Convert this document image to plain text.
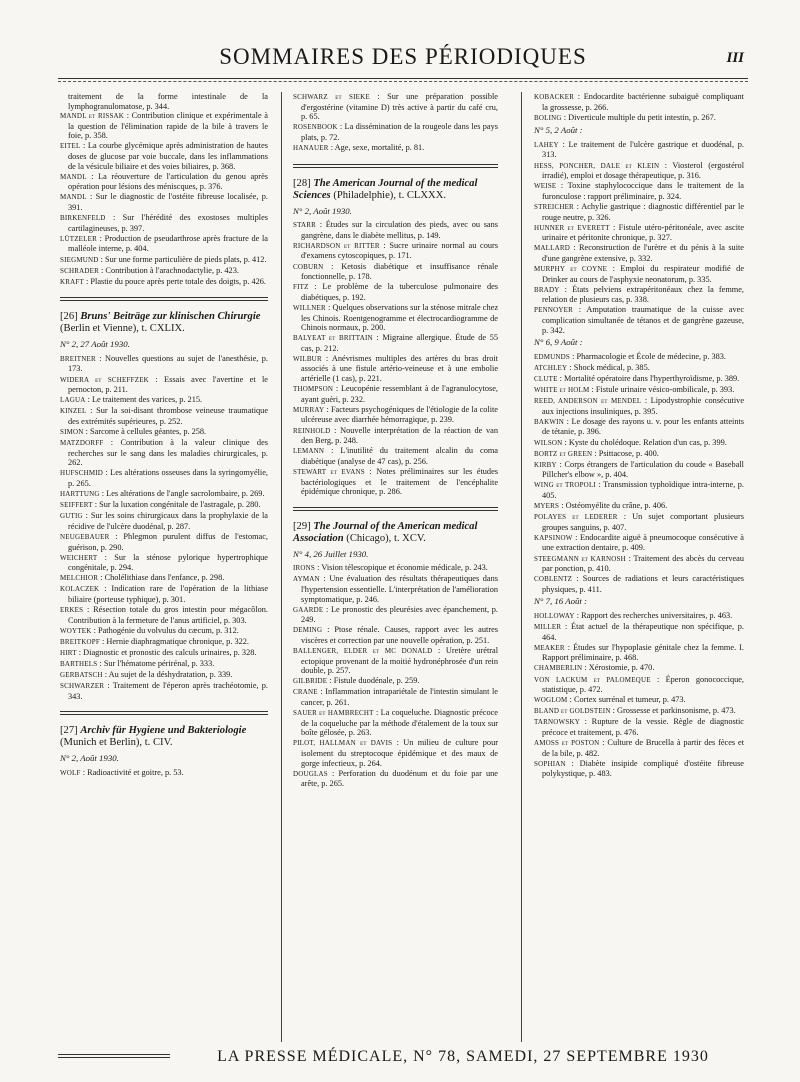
SOMMAIRES DES PÉRIODIQUES	III

traitement de la forme intestinale de la lymphogranulomatose, p. 344.

MANDL et RISSAK : Contribution clinique et expérimentale à la question de l'élimination rapide de la bile à travers le foie, p. 358.

EITEL : La courbe glycémique après administration de hautes doses de glucose par voie buccale, dans les inflammations de la vésicule biliaire et des voies biliaires, p. 368.

MANDL : La réouverture de l'articulation du genou après opération pour lésions des méniscques, p. 376.

MANDL : Sur le diagnostic de l'ostéite fibreuse localisée, p. 391.

BIRKENFELD : Sur l'hérédité des exostoses multiples cartilagineuses, p. 397.

LÜTZELER : Production de pseudarthrose après fracture de la malléole interne, p. 404.

SIEGMUND : Sur une forme particulière de pieds plats, p. 412.

SCHRADER : Contribution à l'arachnodactylie, p. 423.

KRAFT : Plastie du pouce après perte totale des doigts, p. 426.

[26] Bruns' Beiträge zur klinischen Chirurgie (Berlin et Vienne), t. CXLIX.
N° 2, 27 Août 1930.

BREITNER : Nouvelles questions au sujet de l'anesthésie, p. 173.

WIDERA et SCHEFFZEK : Essais avec l'avertine et le pernocton, p. 211.

LAGUA : Le traitement des varices, p. 215.

KINZEL : Sur la soi-disant thrombose veineuse traumatique des extrémités supérieures, p. 252.

SIMON : Sarcome à cellules géantes, p. 258.

MATZDORFF : Contribution à la valeur clinique des recherches sur le sang dans les maladies chirurgicales, p. 262.

HUFSCHMID : Les altérations osseuses dans la syringomyélie, p. 265.

HARTTUNG : Les altérations de l'angle sacrolombaire, p. 269.

SEIFFERT : Sur la luxation congénitale de l'astragale, p. 280.

GUTIG : Sur les soins chirurgicaux dans la prophylaxie de la récidive de l'ulcère duodénal, p. 287.

NEUGEBAUER : Phlegmon purulent diffus de l'estomac, guérison, p. 290.

WEICHERT : Sur la sténose pylorique hypertrophique congénitale, p. 294.

MELCHIOR : Cholélithiase dans l'enfance, p. 298.

KOLACZEK : Indication rare de l'opération de la lithiase biliaire (porteuse typhique), p. 301.

ERKES : Résection totale du gros intestin pour mégacôlon. Contribution à la fermeture de l'anus artificiel, p. 303.

WOYTEK : Pathogénie du volvulus du cæcum, p. 312.

BREITKOPF : Hernie diaphragmatique chronique, p. 322.

HIRT : Diagnostic et pronostic des calculs urinaires, p. 328.

BARTHELS : Sur l'hématome périrénal, p. 333.

GERBATSCH : Au sujet de la déshydratation, p. 339.

SCHWARZER : Traitement de l'éperon après trachéotomie, p. 343.

[27] Archiv für Hygiene und Bakteriologie (Munich et Berlin), t. CIV.
N° 2, Août 1930.

WOLF : Radioactivité et goitre, p. 53.

SCHWARZ et SIEKE : Sur une préparation possible d'ergostérine (vitamine D) très active à partir du café cru, p. 65.

ROSENBOOK : La dissémination de la rougeole dans les pays plats, p. 72.

HANAUER : Age, sexe, mortalité, p. 81.

[28] The American Journal of the medical Sciences (Philadelphie), t. CLXXX.
N° 2, Août 1930.

STARR : Études sur la circulation des pieds, avec ou sans gangrène, dans le diabète mellitus, p. 149.

RICHARDSON et RITTER : Sucre urinaire normal au cours d'examens cytoscopiques, p. 171.

COBURN : Ketosis diabétique et insuffisance rénale fonctionnelle, p. 178.

FITZ : Le problème de la tuberculose pulmonaire des diabétiques, p. 192.

WILLNER : Quelques observations sur la sténose mitrale chez les Chinois. Roentgenogramme et électrocardiogramme de Chinois normaux, p. 200.

BALYEAT et BRITTAIN : Migraine allergique. Étude de 55 cas, p. 212.

WILBUR : Anévrismes multiples des artères du bras droit associés à une fistule artério-veineuse et à une embolie artérielle (1 cas), p. 221.

THOMPSON : Leucopénie ressemblant à de l'agranulocytose, ayant guéri, p. 232.

MURRAY : Facteurs psychogéniques de l'étiologie de la colite ulcéreuse avec diarrhée hémorragique, p. 239.

REINHOLD : Nouvelle interprétation de la réaction de van den Berg, p. 248.

LEMANN : L'inutilité du traitement alcalin du coma diabétique (analyse de 47 cas), p. 256.

STEWART et EVANS : Notes préliminaires sur les études bactériologiques et le traitement de l'encéphalite épidémique chronique, p. 286.

[29] The Journal of the American medical Association (Chicago), t. XCV.
N° 4, 26 Juillet 1930.

IRONS : Vision télescopique et économie médicale, p. 243.

AYMAN : Une évaluation des résultats thérapeutiques dans l'hypertension essentielle. L'interprétation de l'amélioration symptomatique, p. 246.

GAARDE : Le pronostic des pleurésies avec épanchement, p. 249.

DEMING : Ptose rénale. Causes, rapport avec les autres viscères et correction par une nouvelle opération, p. 251.

BALLENGER, ELDER et MC DONALD : Uretère urétral ectopique provenant de la moitié hydronéphrosée d'un rein double, p. 257.

GILBRIDE : Fistule duodénale, p. 259.

CRANE : Inflammation intrapariétale de l'intestin simulant le cancer, p. 261.

SAUER et HAMBRECHT : La coqueluche. Diagnostic précoce de la coqueluche par la méthode d'étalement de la toux sur boîte gélosée, p. 263.

PILOT, HALLMAN et DAVIS : Un milieu de culture pour isolement du streptocoque épidémique et des maux de gorge infectieux, p. 264.

DOUGLAS : Perforation du duodénum et du foie par une arête, p. 265.

KOBACKER : Endocardite bactérienne subaiguë compliquant la grossesse, p. 266.

BOLING : Diverticule multiple du petit intestin, p. 267.

N° 5, 2 Août :

LAHEY : Le traitement de l'ulcère gastrique et duodénal, p. 313.

HESS, PONCHER, DALE et KLEIN : Viosterol (ergostérol irradié), emploi et dosage thérapeutique, p. 316.

WEISE : Toxine staphylococcique dans le traitement de la furonculose : rapport préliminaire, p. 324.

STREICHER : Achylie gastrique : diagnostic différentiel par le rouge neutre, p. 326.

HUNNER et EVERETT : Fistule utéro-péritonéale, avec ascite urinaire et péritonite chronique, p. 327.

MALLARD : Reconstruction de l'urètre et du pénis à la suite d'une gangrène extensive, p. 332.

MURPHY et COYNE : Emploi du respirateur modifié de Drinker au cours de l'asphyxie neonatorum, p. 335.

BRADY : États pelviens extrapéritonéaux chez la femme, relation de plusieurs cas, p. 338.

PENNOYER : Amputation traumatique de la cuisse avec complication simultanée de tétanos et de gangrène gazeuse, p. 342.

N° 6, 9 Août :

EDMUNDS : Pharmacologie et École de médecine, p. 383.

ATCHLEY : Shock médical, p. 385.

CLUTE : Mortalité opératoire dans l'hyperthyroïdisme, p. 389.

WHITE et HOLM : Fistule urinaire vésico-ombilicale, p. 393.

REED, ANDERSON et MENDEL : Lipodystrophie consécutive aux injections insuliniques, p. 395.

BAKWIN : Le dosage des rayons u. v. pour les enfants atteints de tétanie, p. 396.

WILSON : Kyste du cholédoque. Relation d'un cas, p. 399.

BORTZ et GREEN : Psittacose, p. 400.

KIRBY : Corps étrangers de l'articulation du coude « Baseball Pillcher's elbow », p. 404.

WING et TROPOLI : Transmission typhoïdique intra-interne, p. 405.

MYERS : Ostéomyélite du crâne, p. 406.

POLAYES et LEDERER : Un sujet comportant plusieurs groupes sanguins, p. 407.

KAPSINOW : Endocardite aiguë à pneumocoque consécutive à une extraction dentaire, p. 409.

STEEGMANN et KARNOSH : Traitement des abcès du cerveau par ponction, p. 410.

COBLENTZ : Sources de radiations et leurs caractéristiques physiques, p. 411.

N° 7, 16 Août :

HOLLOWAY : Rapport des recherches universitaires, p. 463.

MILLER : État actuel de la thérapeutique non spécifique, p. 464.

MEAKER : Études sur l'hypoplasie génitale chez la femme. I. Rapport préliminaire, p. 468.

CHAMBERLIN : Xérostomie, p. 470.

VON LACKUM et PALOMEQUE : Éperon gonococcique, statistique, p. 472.

WOGLOM : Cortex surrénal et tumeur, p. 473.

BLAND et GOLDSTEIN : Grossesse et parkinsonisme, p. 473.

TARNOWSKY : Rupture de la vessie. Règle de diagnostic précoce et traitement, p. 476.

AMOSS et POSTON : Culture de Brucella à partir des fèces et de la bile, p. 482.

SOPHIAN : Diabète insipide compliqué d'ostéite fibreuse polykystique, p. 483.

LA PRESSE MÉDICALE, N° 78, SAMEDI, 27 SEPTEMBRE 1930
